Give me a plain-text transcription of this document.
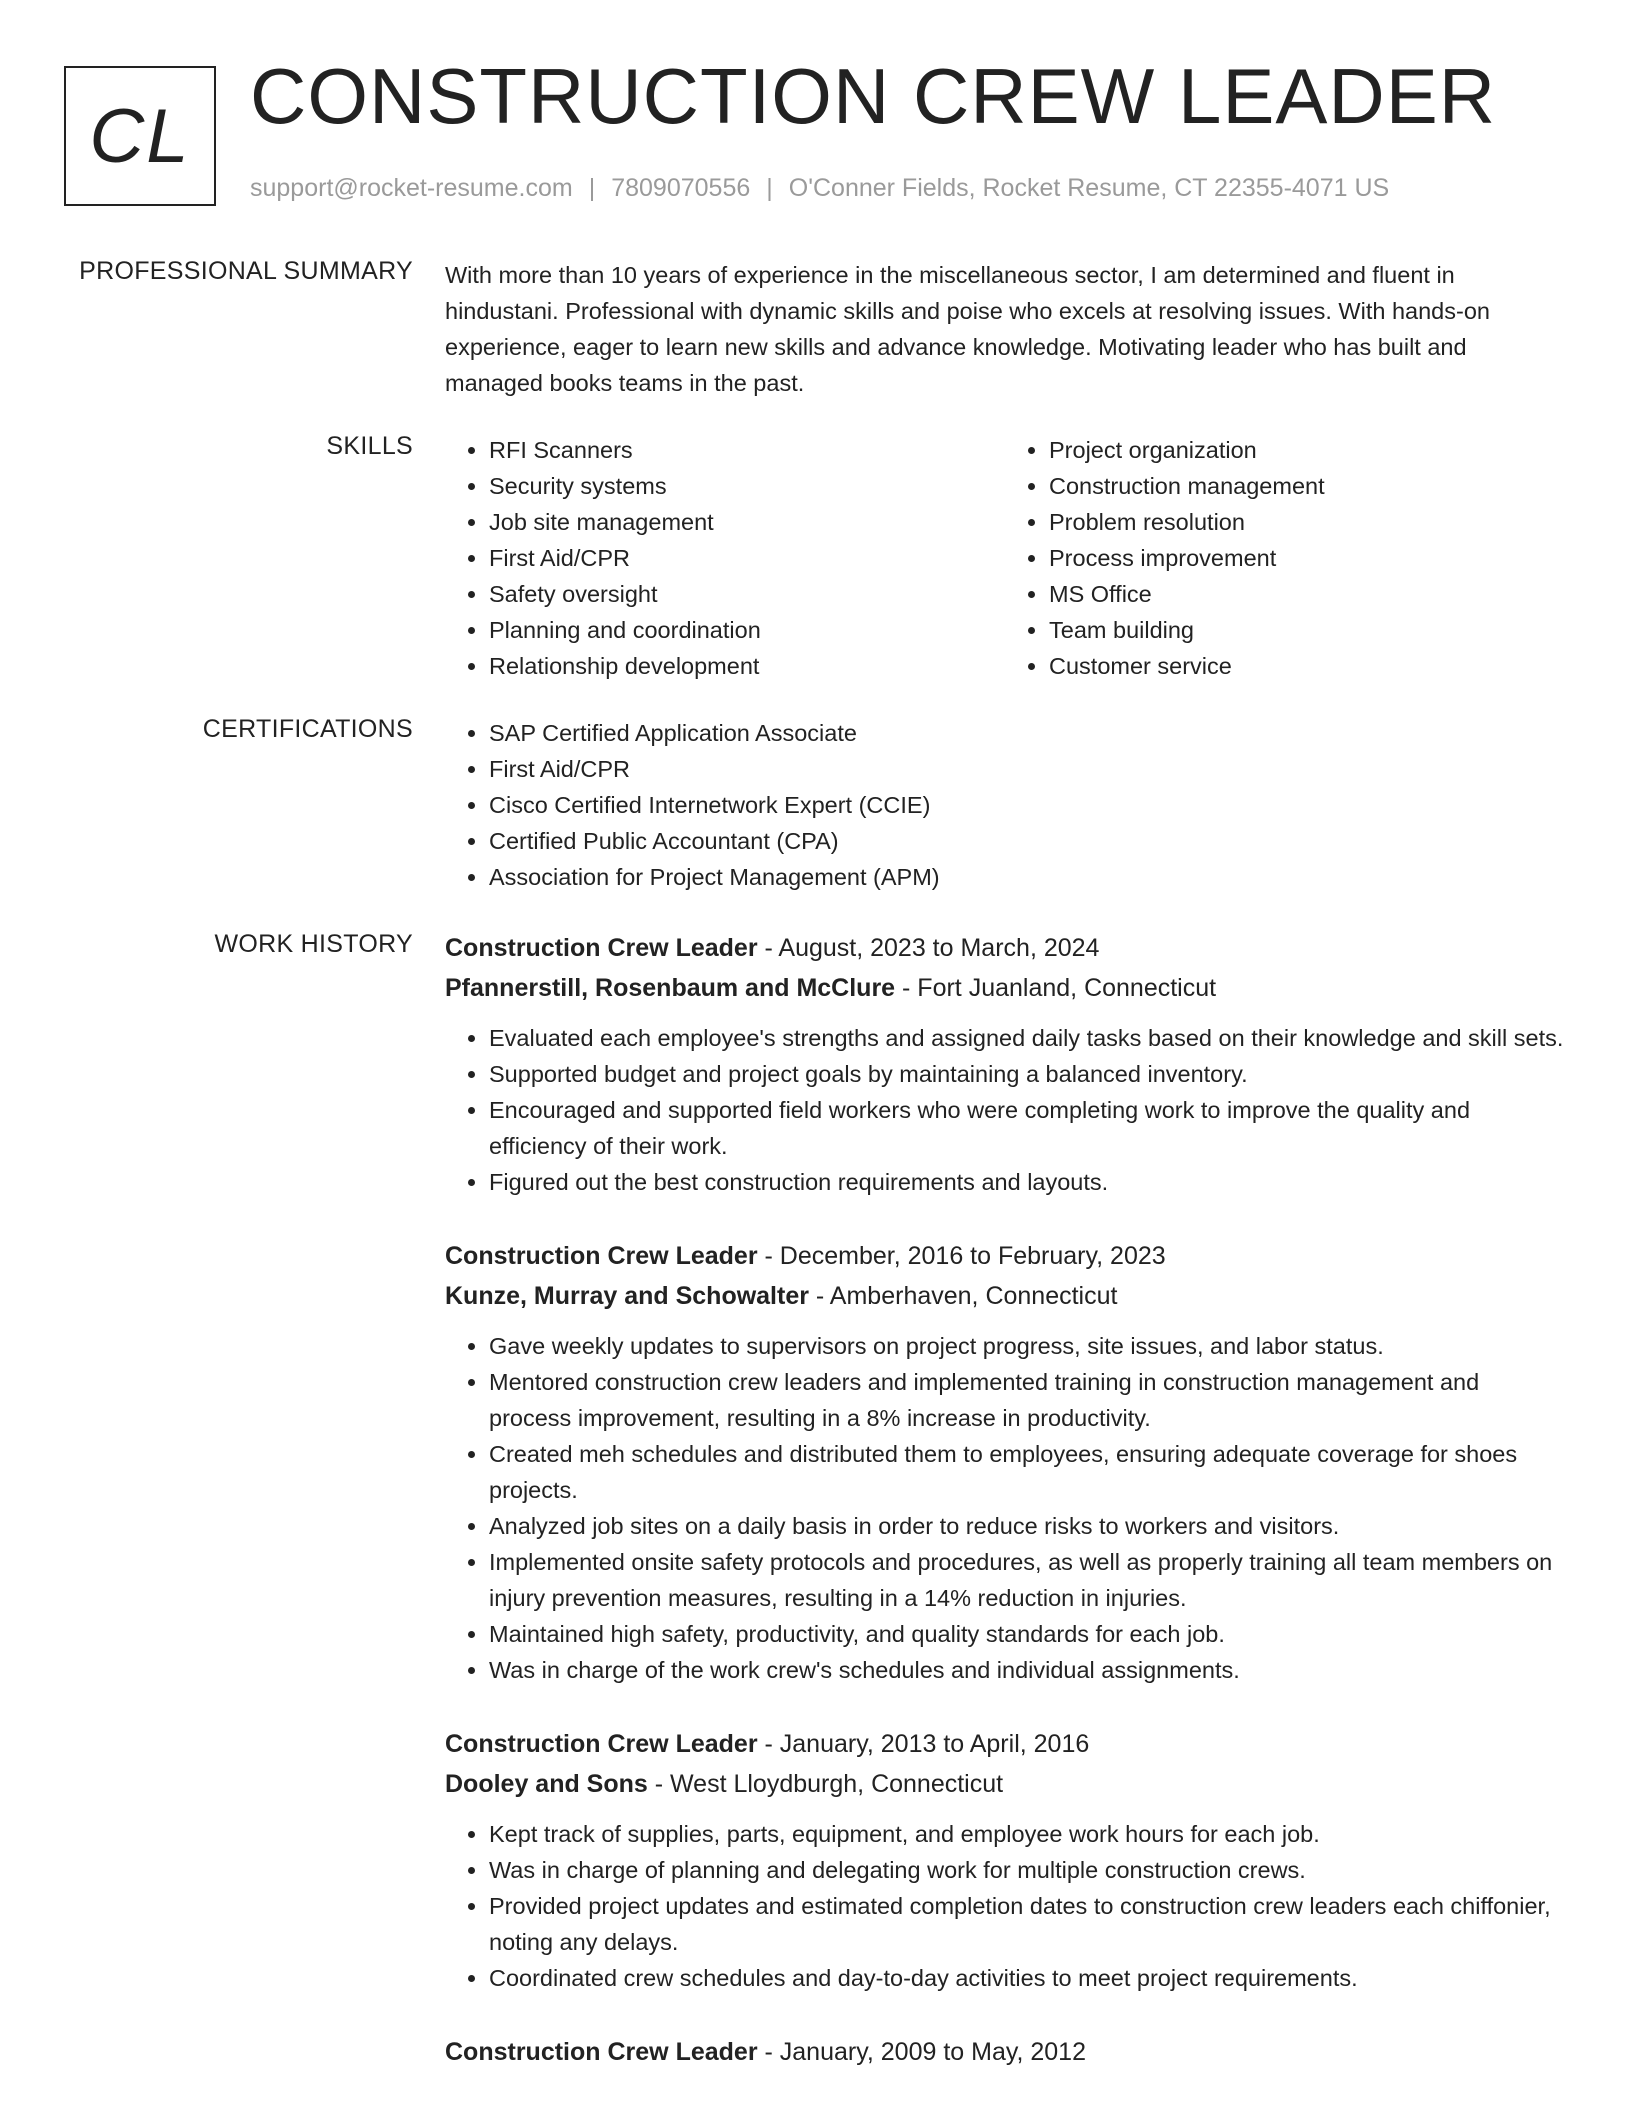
CL CONSTRUCTION CREW LEADER
support@rocket-resume.com | 7809070556 | O'Conner Fields, Rocket Resume, CT 22355-4071 US
PROFESSIONAL SUMMARY With more than 10 years of experience in the miscellaneous sector, I am determined and fluent in hindustani. Professional with dynamic skills and poise who excels at resolving issues. With hands-on experience, eager to learn new skills and advance knowledge. Motivating leader who has built and managed books teams in the past.
SKILLS	• RFI Scanners
• Security systems
• Job site management
• First Aid/CPR
• Safety oversight
• Planning and coordination
• Relationship development
• Project organization
• Construction management
• Problem resolution
• Process improvement
• MS Office
• Team building
• Customer service
CERTIFICATIONS	• SAP Certified Application Associate
• First Aid/CPR
• Cisco Certified Internetwork Expert (CCIE)
• Certified Public Accountant (CPA)
• Association for Project Management (APM)
WORK HISTORY Construction Crew Leader - August, 2023 to March, 2024
Pfannerstill, Rosenbaum and McClure - Fort Juanland, Connecticut
• Evaluated each employee's strengths and assigned daily tasks based on their knowledge and skill sets.
• Supported budget and project goals by maintaining a balanced inventory.
• Encouraged and supported field workers who were completing work to improve the quality and efficiency of their work.
• Figured out the best construction requirements and layouts.
Construction Crew Leader - December, 2016 to February, 2023
Kunze, Murray and Schowalter - Amberhaven, Connecticut
• Gave weekly updates to supervisors on project progress, site issues, and labor status.
• Mentored construction crew leaders and implemented training in construction management and process improvement, resulting in a 8% increase in productivity.
• Created meh schedules and distributed them to employees, ensuring adequate coverage for shoes projects.
• Analyzed job sites on a daily basis in order to reduce risks to workers and visitors.
• Implemented onsite safety protocols and procedures, as well as properly training all team members on injury prevention measures, resulting in a 14% reduction in injuries.
• Maintained high safety, productivity, and quality standards for each job.
• Was in charge of the work crew's schedules and individual assignments.
Construction Crew Leader - January, 2013 to April, 2016
Dooley and Sons - West Lloydburgh, Connecticut
• Kept track of supplies, parts, equipment, and employee work hours for each job.
• Was in charge of planning and delegating work for multiple construction crews.
• Provided project updates and estimated completion dates to construction crew leaders each chiffonier, noting any delays.
• Coordinated crew schedules and day-to-day activities to meet project requirements.
Construction Crew Leader - January, 2009 to May, 2012
